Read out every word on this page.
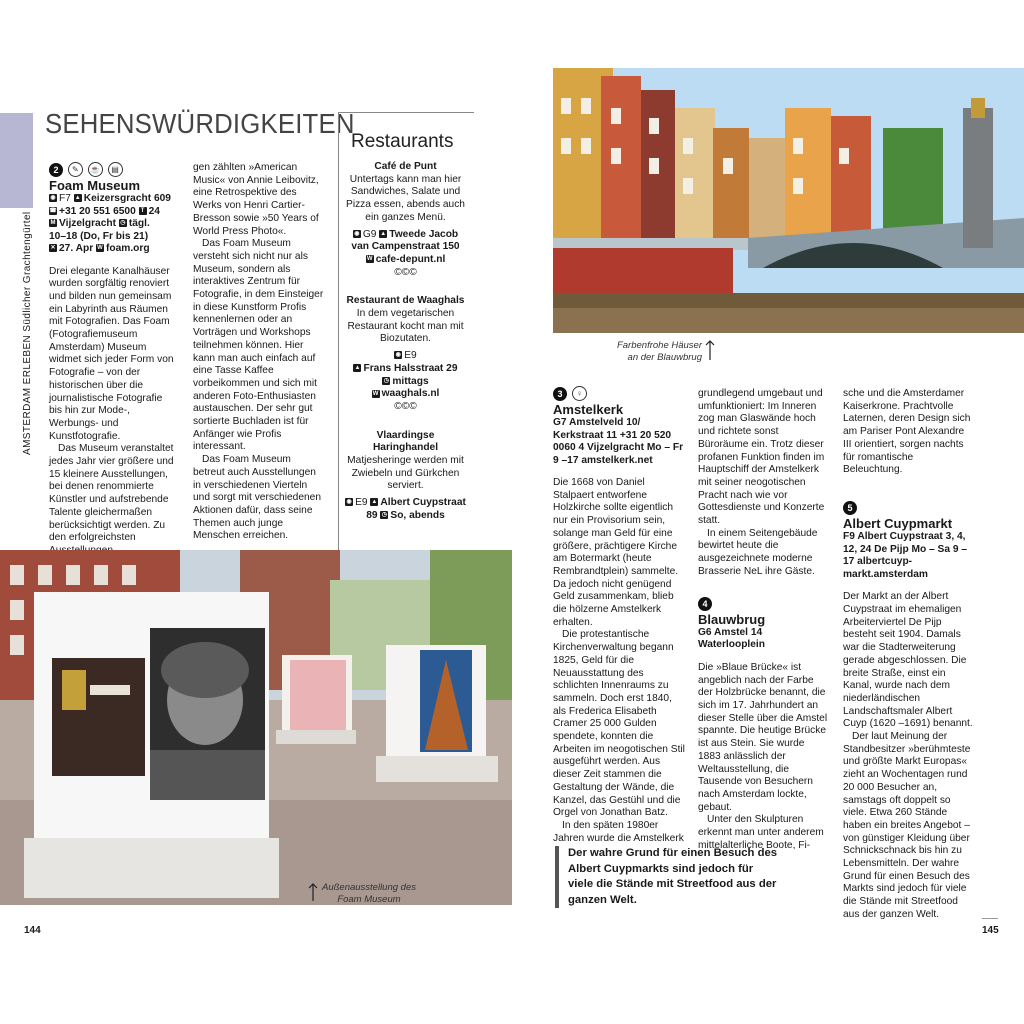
AMSTERDAM ERLEBEN Südlicher Grachtengürtel
SEHENSWÜRDIGKEITEN
2 ✎ ☕ ▤
Foam Museum
◉ F7 ▲ Keizersgracht 609
☎ +31 20 551 6500 T 24
M Vijzelgracht ◷ tägl.
10–18 (Do, Fr bis 21)
✕ 27. Apr W foam.org

Drei elegante Kanalhäuser wurden sorgfältig renoviert und bilden nun gemeinsam ein Labyrinth aus Räumen mit Fotografien. Das Foam (Fotografiemuseum Amsterdam) Museum widmet sich jeder Form von Fotografie – von der historischen über die journalistische Fotografie bis hin zur Mode-, Werbungs- und Kunstfotografie.

Das Museum veranstaltet jedes Jahr vier größere und 15 kleinere Ausstellungen, bei denen renommierte Künstler und aufstrebende Talente gleichermaßen berücksichtigt werden. Zu den erfolgreichsten

gen zählten »American Music« von Annie Leibovitz, eine Retrospektive des Werks von Henri Cartier-Bresson sowie »50 Years of World Press Photo«.

Das Foam Museum versteht sich nicht nur als Museum, sondern als interaktives Zentrum für Fotografie, in dem Einsteiger in diese Kunstform Profis kennenlernen oder an Vorträgen und Workshops teilnehmen können. Hier kann man auch einfach auf eine Tasse Kaffee vorbeikommen und sich mit anderen Foto-Enthusiasten austauschen. Der sehr gut sortierte Buchladen ist für Anfänger wie Profis interessant.

Das Foam Museum betreut auch Ausstellungen in verschiedenen Vierteln und sorgt mit verschiedenen Aktionen dafür, dass seine Themen auch junge Menschen erreichen.

Restaurants
Café de Punt
Untertags kann man hier Sandwiches, Salate und Pizza essen, abends auch ein ganzes Menü.
◉ G9 ▲ Tweede Jacob van Campenstraat 150
W cafe-depunt.nl
©©©
Restaurant de Waaghals
In dem vegetarischen Restaurant kocht man mit Biozutaten.
◉ E9
▲ Frans Halsstraat 29
◷ mittags
W waaghals.nl
©©©
Vlaardingse Haringhandel
Matjesheringe werden mit Zwiebeln und Gürkchen serviert.
◉ E9 ▲ Albert Cuypstraat 89 ◷ So, abends
Außenausstellung des Foam Museum
144
Farbenfrohe Häuser an der Blauwbrug
3 ♀
Amstelkerk
G7 Amstelveld 10/ Kerkstraat 11 +31 20 520 0060 4 Vijzelgracht Mo – Fr 9 –17 amstelkerk.net

Die 1668 von Daniel Stalpaert entworfene Holzkirche sollte eigentlich nur ein Provisorium sein, solange man Geld für eine größere, prächtigere Kirche am Botermarkt (heute Rembrandtplein) sammelte. Da jedoch nicht genügend Geld zusammenkam, blieb die hölzerne Amstelkerk erhalten.

Die protestantische Kirchenverwaltung begann 1825, Geld für die Neuausstattung des schlichten Innenraums zu sammeln. Doch erst 1840, als Frederica Elisabeth Cramer 25 000 Gulden spendete, konnten die Arbeiten im neogotischen Stil ausgeführt werden. Aus dieser Zeit stammen die Gestaltung der Wände, die Kanzel, das Gestühl und die Orgel von Jonathan Batz.

In den späten 1980er Jahren wurde die Amstelkerk

grundlegend umgebaut und umfunktioniert: Im Inneren zog man Glaswände hoch und richtete sonst Büroräume ein. Trotz dieser profanen Funktion finden im Hauptschiff der Amstelkerk mit seiner neogotischen Pracht nach wie vor Gottesdienste und Konzerte statt.

In einem Seitengebäude bewirtet heute die ausgezeichnete moderne Brasserie NeL ihre Gäste.

4
Blauwbrug
G6 Amstel 14 Waterlooplein

Die »Blaue Brücke« ist angeblich nach der Farbe der Holzbrücke benannt, die sich im 17. Jahrhundert an dieser Stelle über die Amstel spannte. Die heutige Brücke ist aus Stein. Sie wurde 1883 anlässlich der Weltausstellung, die Tausende von Besuchern nach Amsterdam lockte, gebaut.

Unter den Skulpturen erkennt man unter anderem mittelalterliche Boote, Fi-

sche und die Amsterdamer Kaiserkrone. Prachtvolle Laternen, deren Design sich am Pariser Pont Alexandre III orientiert, sorgen nachts für romantische Beleuchtung.

5
Albert Cuypmarkt
F9 Albert Cuypstraat 3, 4, 12, 24 De Pijp Mo – Sa 9 –17 albertcuyp-markt.amsterdam

Der Markt an der Albert Cuypstraat im ehemaligen Arbeiterviertel De Pijp besteht seit 1904. Damals war die Stadterweiterung gerade abgeschlossen. Die breite Straße, einst ein Kanal, wurde nach dem niederländischen Landschaftsmaler Albert Cuyp (1620 –1691) benannt.

Der laut Meinung der Standbesitzer »berühmteste und größte Markt Europas« zieht an Wochentagen rund 20 000 Besucher an, samstags oft doppelt so viele. Etwa 260 Stände haben ein breites Angebot – von günstiger Kleidung über Schnickschnack bis hin zu Lebensmitteln. Der wahre Grund für einen Besuch des Markts sind jedoch für viele die Stände mit Streetfood aus der ganzen Welt.

Der wahre Grund für einen Besuch des Albert Cuypmarkts sind jedoch für viele die Stände mit Streetfood aus der ganzen Welt.
145
